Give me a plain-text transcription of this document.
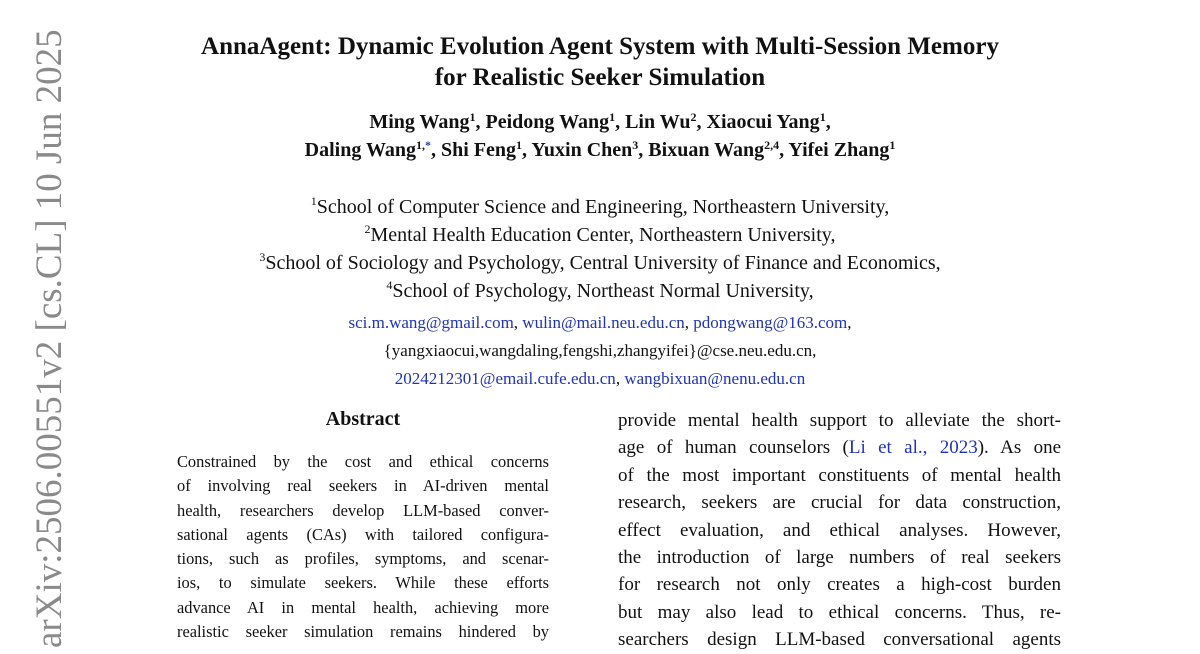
AnnaAgent: Dynamic Evolution Agent System with Multi-Session Memory
for Realistic Seeker Simulation
Ming Wang$^1$, Peidong Wang$^1$, Lin Wu$^2$, Xiaocui Yang$^1$,
Daling Wang$^{1,*}$, Shi Feng$^1$, Yuxin Chen$^3$, Bixuan Wang$^{2,4}$, Yifei Zhang$^1$
$^1$School of Computer Science and Engineering, Northeastern University,
$^2$Mental Health Education Center, Northeastern University,
$^3$School of Sociology and Psychology, Central University of Finance and Economics,
$^4$School of Psychology, Northeast Normal University,
sci.m.wang@gmail.com, wulin@mail.neu.edu.cn, pdongwang@163.com,
{yangxiaocui,wangdaling,fengshi,zhangyifei}@cse.neu.edu.cn,
2024212301@email.cufe.edu.cn, wangbixuan@nenu.edu.cn
Abstract
Constrained by the cost and ethical concerns
of involving real seekers in AI-driven mental
health, researchers develop LLM-based conver-
sational agents (CAs) with tailored configura-
tions, such as profiles, symptoms, and scenar-
ios, to simulate seekers. While these efforts
advance AI in mental health, achieving more
realistic seeker simulation remains hindered by
provide mental health support to alleviate the short-
age of human counselors (Li et al., 2023). As one
of the most important constituents of mental health
research, seekers are crucial for data construction,
effect evaluation, and ethical analyses. However,
the introduction of large numbers of real seekers
for research not only creates a high-cost burden
but may also lead to ethical concerns. Thus, re-
searchers design LLM-based conversational agents
arXiv:2506.00551v2 [cs.CL] 10 Jun 2025
